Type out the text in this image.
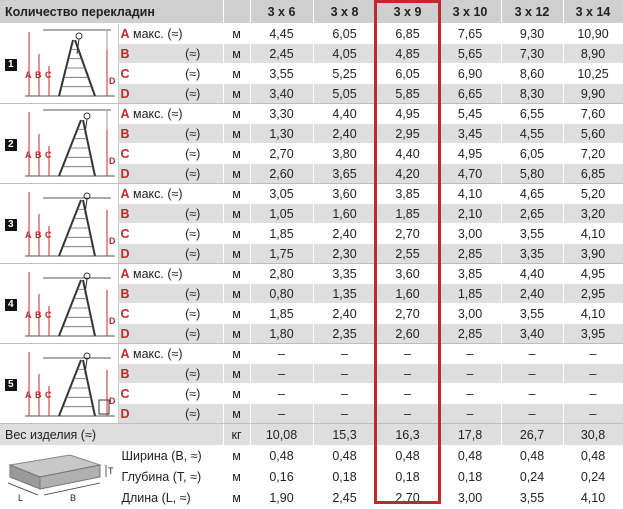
Количество перекладин				3 x 6	3 x 8	3 x 9	3 x 10	3 x 12	3 x 14
1	A B C
D	A макс. (≈)	м	4,45	6,05	6,85	7,65	9,30	10,90
		B (≈)	м	2,45	4,05	4,85	5,65	7,30	8,90
		C (≈)	м	3,55	5,25	6,05	6,90	8,60	10,25
		D (≈)	м	3,40	5,05	5,85	6,65	8,30	9,90
2	A B C
D	A макс. (≈)	м	3,30	4,40	4,95	5,45	6,55	7,60
		B (≈)	м	1,30	2,40	2,95	3,45	4,55	5,60
		C (≈)	м	2,70	3,80	4,40	4,95	6,05	7,20
		D (≈)	м	2,60	3,65	4,20	4,70	5,80	6,85
3	A B C
D	A макс. (≈)	м	3,05	3,60	3,85	4,10	4,65	5,20
		B (≈)	м	1,05	1,60	1,85	2,10	2,65	3,20
		C (≈)	м	1,85	2,40	2,70	3,00	3,55	4,10
		D (≈)	м	1,75	2,30	2,55	2,85	3,35	3,90
4	A B C
D	A макс. (≈)	м	2,80	3,35	3,60	3,85	4,40	4,95
		B (≈)	м	0,80	1,35	1,60	1,85	2,40	2,95
		C (≈)	м	1,85	2,40	2,70	3,00	3,55	4,10
		D (≈)	м	1,80	2,35	2,60	2,85	3,40	3,95
5	A B C
D	A макс. (≈)	м	–	–	–	–	–	–
		B (≈)	м	–	–	–	–	–	–
		C (≈)	м	–	–	–	–	–	–
		D (≈)	м	–	–	–	–	–	–
Вес изделия (≈)			кг	10,08	15,3	16,3	17,8	26,7	30,8

T
L B		Ширина (B, ≈)	м	0,48	0,48	0,48	0,48	0,48	0,48
		Глубина (T, ≈)	м	0,16	0,18	0,18	0,18	0,24	0,24
		Длина (L, ≈)	м	1,90	2,45	2,70	3,00	3,55	4,10
